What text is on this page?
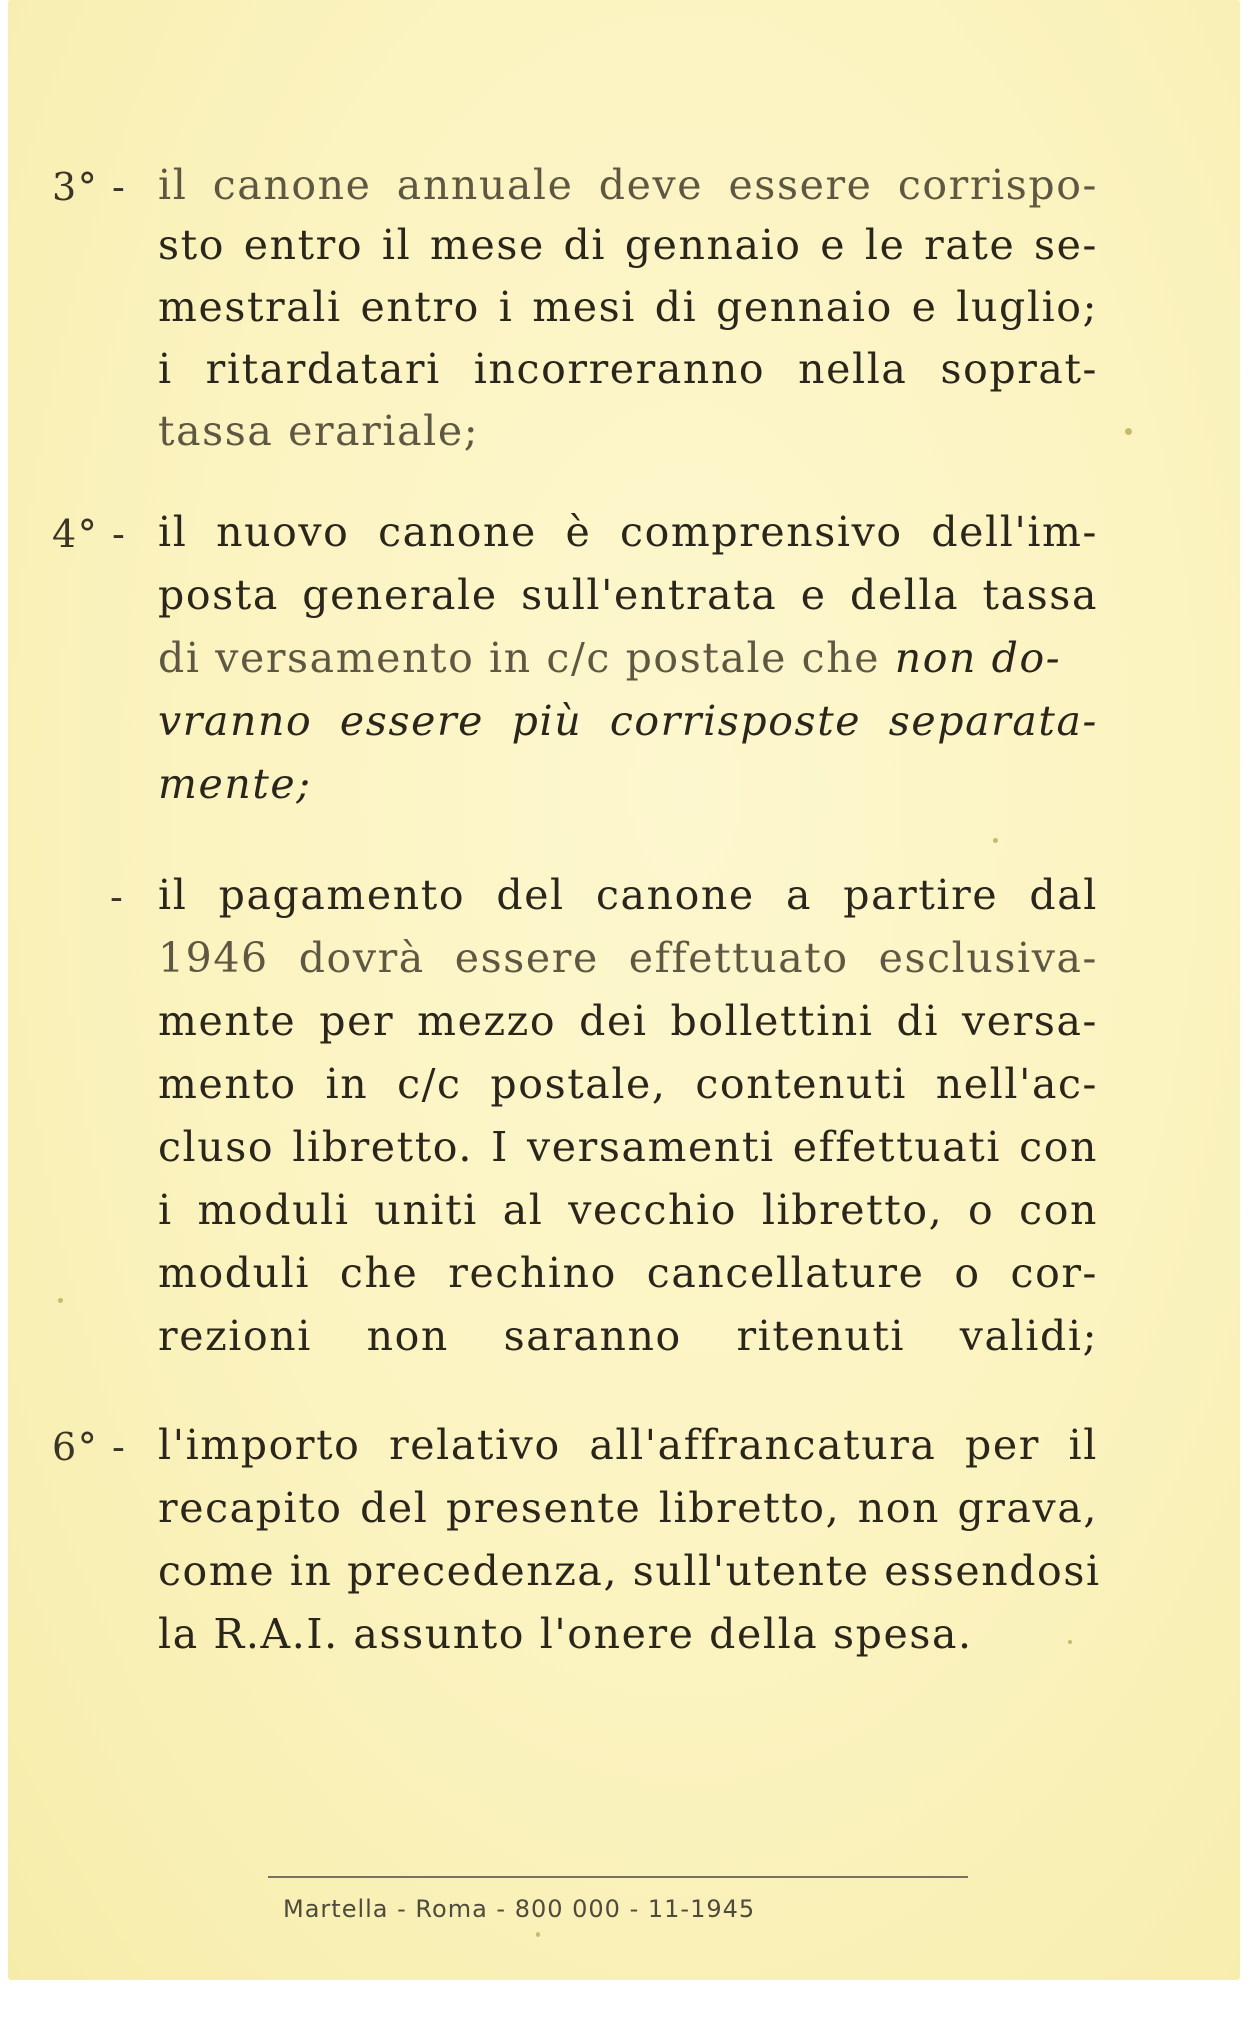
3° - il canone annuale deve essere corrispo-
sto entro il mese di gennaio e le rate se-
mestrali entro i mesi di gennaio e luglio;
i ritardatari incorreranno nella soprat-
tassa erariale;
4° - il nuovo canone è comprensivo dell'im-
posta generale sull'entrata e della tassa
di versamento in c/c postale che non do-
vranno essere più corrisposte separata-
mente;
- il pagamento del canone a partire dal
1946 dovrà essere effettuato esclusiva-
mente per mezzo dei bollettini di versa-
mento in c/c postale, contenuti nell'ac-
cluso libretto. I versamenti effettuati con
i moduli uniti al vecchio libretto, o con
moduli che rechino cancellature o cor-
rezioni non saranno ritenuti validi;
6° - l'importo relativo all'affrancatura per il
recapito del presente libretto, non grava,
come in precedenza, sull'utente essendosi
la R.A.I. assunto l'onere della spesa.
Martella - Roma - 800 000 - 11-1945
